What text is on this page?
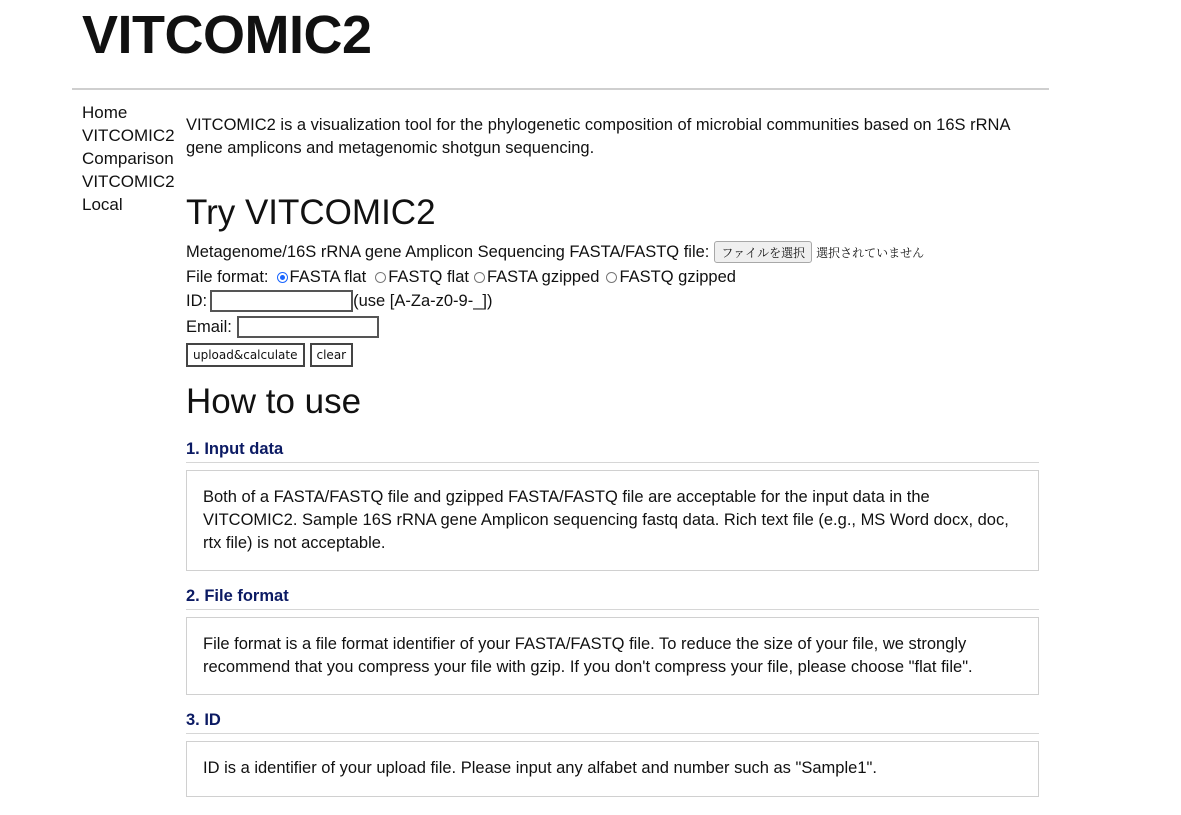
VITCOMIC2
Home
VITCOMIC2
Comparison
VITCOMIC2
Local

VITCOMIC2 is a visualization tool for the phylogenetic composition of microbial communities based on 16S rRNA gene amplicons and metagenomic shotgun sequencing.

Try VITCOMIC2
Metagenome/16S rRNA gene Amplicon Sequencing FASTA/FASTQ file:	ファイルを選択 選択されていません
File format: FASTA flat FASTQ flat FASTA gzipped FASTQ gzipped
ID:	(use [A-Za-z0-9-_])
Email:
upload&calculate	clear
How to use
1. Input data
Both of a FASTA/FASTQ file and gzipped FASTA/FASTQ file are acceptable for the input data in the VITCOMIC2. Sample 16S rRNA gene Amplicon sequencing fastq data. Rich text file (e.g., MS Word docx, doc, rtx file) is not acceptable.
2. File format
File format is a file format identifier of your FASTA/FASTQ file. To reduce the size of your file, we strongly recommend that you compress your file with gzip. If you don't compress your file, please choose "flat file".
3. ID
ID is a identifier of your upload file. Please input any alfabet and number such as "Sample1".
